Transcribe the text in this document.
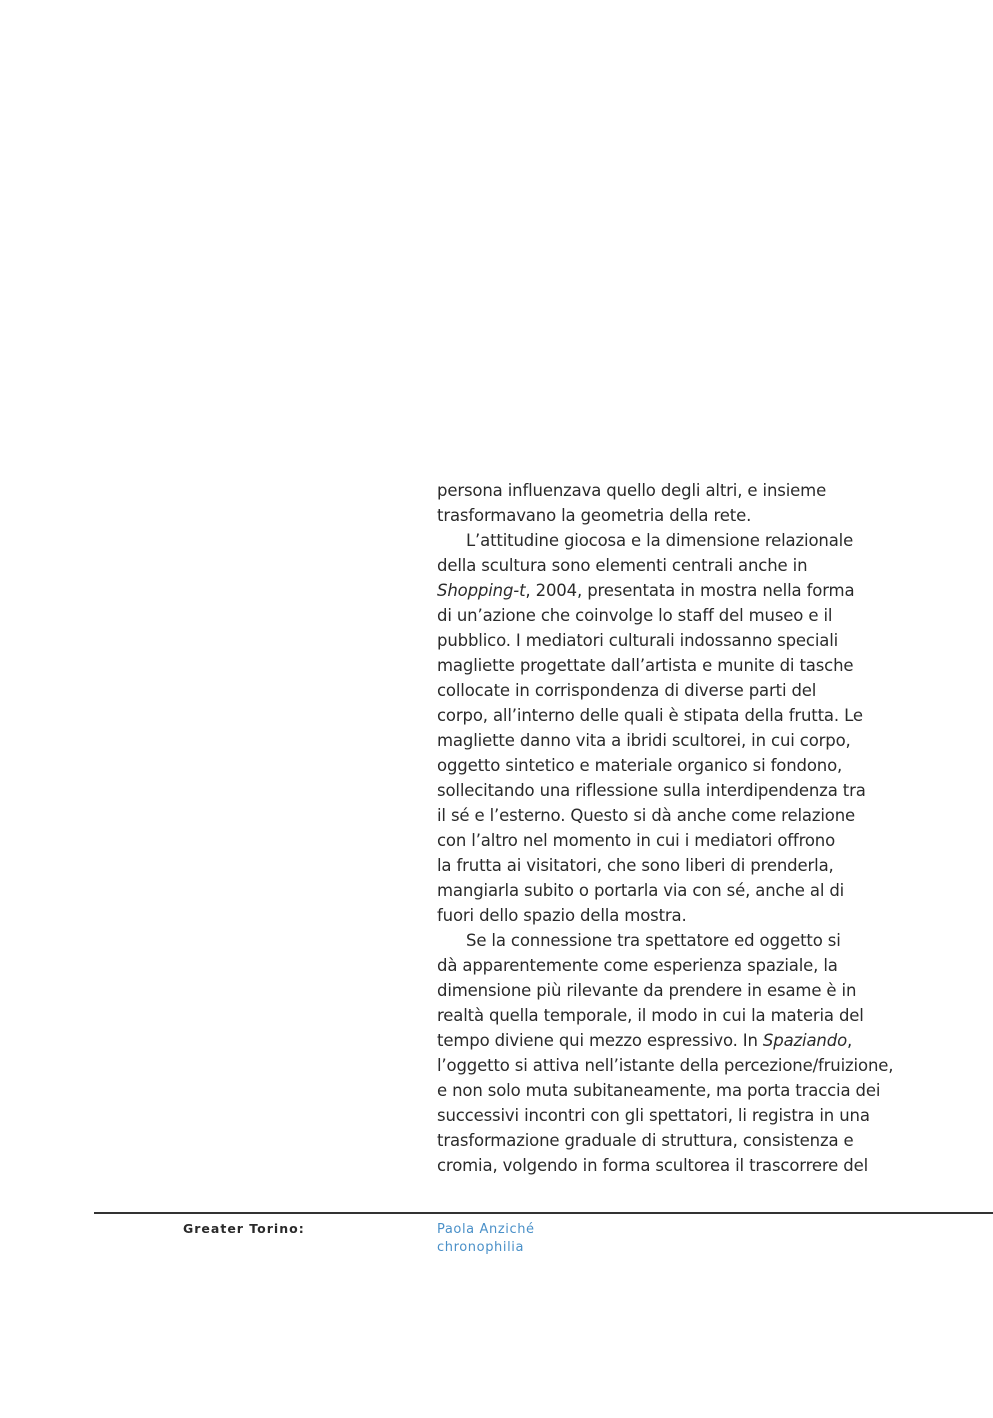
persona influenzava quello degli altri, e insieme
trasformavano la geometria della rete.
L’attitudine giocosa e la dimensione relazionale
della scultura sono elementi centrali anche in
Shopping-t, 2004, presentata in mostra nella forma
di un’azione che coinvolge lo staff del museo e il
pubblico. I mediatori culturali indossanno speciali
magliette progettate dall’artista e munite di tasche
collocate in corrispondenza di diverse parti del
corpo, all’interno delle quali è stipata della frutta. Le
magliette danno vita a ibridi scultorei, in cui corpo,
oggetto sintetico e materiale organico si fondono,
sollecitando una riflessione sulla interdipendenza tra
il sé e l’esterno. Questo si dà anche come relazione
con l’altro nel momento in cui i mediatori offrono
la frutta ai visitatori, che sono liberi di prenderla,
mangiarla subito o portarla via con sé, anche al di
fuori dello spazio della mostra.
Se la connessione tra spettatore ed oggetto si
dà apparentemente come esperienza spaziale, la
dimensione più rilevante da prendere in esame è in
realtà quella temporale, il modo in cui la materia del
tempo diviene qui mezzo espressivo. In Spaziando,
l’oggetto si attiva nell’istante della percezione/fruizione,
e non solo muta subitaneamente, ma porta traccia dei
successivi incontri con gli spettatori, li registra in una
trasformazione graduale di struttura, consistenza e
cromia, volgendo in forma scultorea il trascorrere del
Greater Torino:	Paola Anziché
chronophilia
